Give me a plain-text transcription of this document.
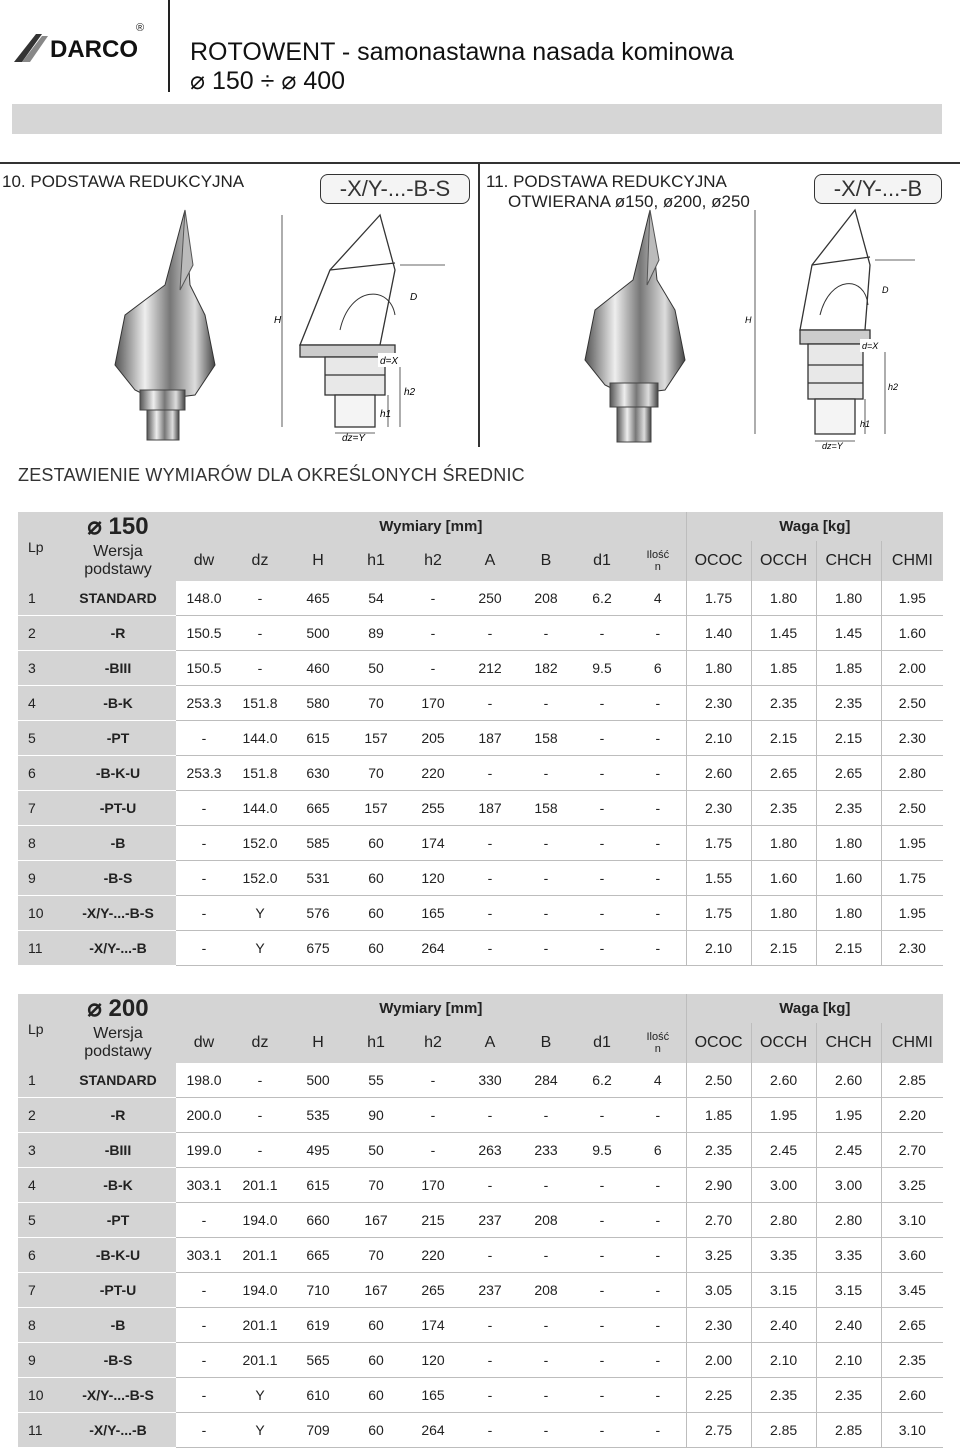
DARCO
®
ROTOWENT - samonastawna nasada kominowa
⌀ 150 ÷ ⌀ 400
10. PODSTAWA REDUKCYJNA	-X/Y-...-B-S
d=X
H
D
h2
h1
dz=Y
11. PODSTAWA REDUKCYJNA
OTWIERANA ø150, ø200, ø250
-X/Y-...-B
d=X
H
D
h2
h1
dz=Y
ZESTAWIENIE WYMIARÓW DLA OKREŚLONYCH ŚREDNIC
Lp	⌀ 150	Wymiary [mm]									Waga [kg]			
	Wersja
podstawy	dw	dz	H	h1	h2	A	B	d1	Ilość
n	OCOC	OCCH	CHCH	CHMI
1	STANDARD	148.0	-	465	54	-	250	208	6.2	4	1.75	1.80	1.80	1.95
2	-R	150.5	-	500	89	-	-	-	-	-	1.40	1.45	1.45	1.60
3	-BIII	150.5	-	460	50	-	212	182	9.5	6	1.80	1.85	1.85	2.00
4	-B-K	253.3	151.8	580	70	170	-	-	-	-	2.30	2.35	2.35	2.50
5	-PT	-	144.0	615	157	205	187	158	-	-	2.10	2.15	2.15	2.30
6	-B-K-U	253.3	151.8	630	70	220	-	-	-	-	2.60	2.65	2.65	2.80
7	-PT-U	-	144.0	665	157	255	187	158	-	-	2.30	2.35	2.35	2.50
8	-B	-	152.0	585	60	174	-	-	-	-	1.75	1.80	1.80	1.95
9	-B-S	-	152.0	531	60	120	-	-	-	-	1.55	1.60	1.60	1.75
10	-X/Y-...-B-S	-	Y	576	60	165	-	-	-	-	1.75	1.80	1.80	1.95
11	-X/Y-...-B	-	Y	675	60	264	-	-	-	-	2.10	2.15	2.15	2.30
Lp	⌀ 200	Wymiary [mm]									Waga [kg]			
	Wersja
podstawy	dw	dz	H	h1	h2	A	B	d1	Ilość
n	OCOC	OCCH	CHCH	CHMI
1	STANDARD	198.0	-	500	55	-	330	284	6.2	4	2.50	2.60	2.60	2.85
2	-R	200.0	-	535	90	-	-	-	-	-	1.85	1.95	1.95	2.20
3	-BIII	199.0	-	495	50	-	263	233	9.5	6	2.35	2.45	2.45	2.70
4	-B-K	303.1	201.1	615	70	170	-	-	-	-	2.90	3.00	3.00	3.25
5	-PT	-	194.0	660	167	215	237	208	-	-	2.70	2.80	2.80	3.10
6	-B-K-U	303.1	201.1	665	70	220	-	-	-	-	3.25	3.35	3.35	3.60
7	-PT-U	-	194.0	710	167	265	237	208	-	-	3.05	3.15	3.15	3.45
8	-B	-	201.1	619	60	174	-	-	-	-	2.30	2.40	2.40	2.65
9	-B-S	-	201.1	565	60	120	-	-	-	-	2.00	2.10	2.10	2.35
10	-X/Y-...-B-S	-	Y	610	60	165	-	-	-	-	2.25	2.35	2.35	2.60
11	-X/Y-...-B	-	Y	709	60	264	-	-	-	-	2.75	2.85	2.85	3.10
